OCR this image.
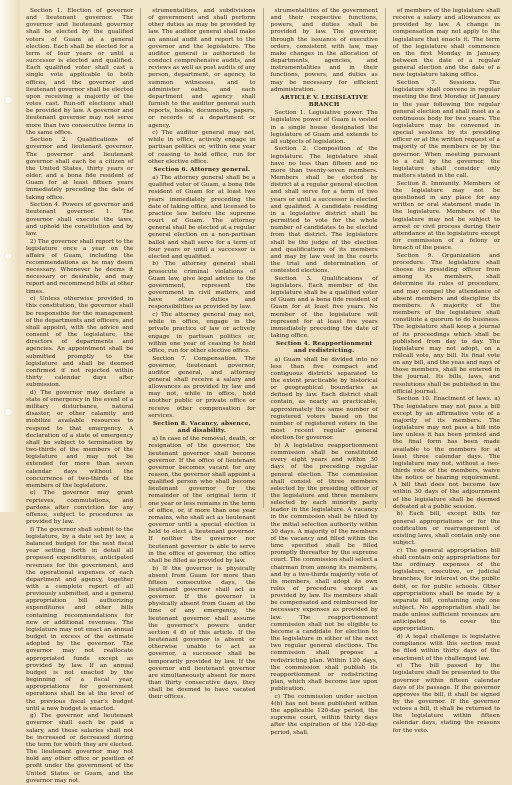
Section 1. Election of governor and lieutenant governor. The governor and lieutenant governor shall be elected by the qualified voters of Guam at a general election. Each shall be elected for a term of four years or until a successor is elected and qualified. Each qualified voter shall cast a single vote applicable to both offices, and the governor and lieutenant governor shall be elected upon receiving a majority of the votes cast. Run-off elections shall be provided by law. A governor and lieutenant governor may not serve more than two consecutive terms in the same office.

Section 2. Qualifications of governor and lieutenant governor. The governor and lieutenant governor shall each be a citizen of the United States, thirty years or older, and a bona fide resident of Guam for at least fifteen years immediately preceding the date of taking office.

Section 4. Powers of governor and lieutenant governor. 1. The governor shall execute the laws, and uphold the constitution and by law.

2) The governor shall report to the legislature once a year on the affairs of Guam, including the recommendations as he may deem necessary. Whenever he deems it necessary or desirable, and may report and recommend bills at other times.

c) Unless otherwise provided in this constitution, the governor shall be responsible for the management of the departments and officers, and shall appoint, with the advice and consent of the legislature, the directors of departments and agencies. An appointment shall be submitted promptly to the legislature and shall be deemed confirmed if not rejected within thirty calendar days after submission.

d) The governor may declare a state of emergency in the event of a military disturbance, natural disaster, or other calamity and mobilize available resources to respond to that emergency. A declaration of a state of emergency shall be subject to termination by two-thirds of the members of the legislature and may not be extended for more than seven calendar days without the concurrence of two-thirds of the members of the legislature.

e) The governor may grant reprieves, commutations, and pardons after conviction for any offense, subject to procedures as provided by law.

f) The governor shall submit to the legislature, by a date set by law, a balanced budget for the next fiscal year setting forth in detail all proposed expenditures, anticipated revenues for the government, and the operational expenses of each department and agency, together with a complete report of all previously submitted, and a general appropriation bill authorizing expenditures and other bills containing recommendations for new or additional revenues. The legislature may not enact an annual budget in excess of the estimate adopted by the governor. The governor may not reallocate appropriated funds except as provided by law. If an annual budget is not enacted by the beginning of a fiscal year, appropriations for government operations shall be at the level of the previous fiscal year's budget until a new budget is enacted.

g) The governor and lieutenant governor shall each be paid a salary, and these salaries shall not be increased or decreased during the term for which they are elected. The lieutenant governor may not hold any other office or position of profit under the government of the United States or Guam, and the governor may not.

strumentalities, and subdivisions of government and shall perform other duties as may be provided by law. The auditor general shall make an annual audit and report to the governor and the legislature. The auditor general is authorized to conduct comprehensive audits, and reviews as well as post audits of any person, department, or agency, to summon witnesses, and to administer oaths, and each department and agency shall furnish to the auditor general such reports, books, documents, papers, or records of a department or agency.

c) The auditor general may not, while in office, actively engage in partisan politics or, within one year of ceasing to hold office, run for other elective office.

Section 6. Attorney general.

a) The attorney general shall be a qualified voter of Guam, a bona fide resident of Guam for at least two years immediately preceding the date of taking office, and licensed to practice law before the supreme court of Guam. The attorney general shall be elected at a regular general election on a non-partisan ballot and shall serve for a term of four years or until a successor is elected and qualified.

b) The attorney general shall prosecute criminal violations of Guam law, give legal advice to the government, represent the government in civil matters, and have other duties and responsibilities as provided by law.

c) The attorney general may not, while in office, engage in the private practice of law or actively engage in partisan politics or, within one year of ceasing to hold office, run for other elective office.

Section 7. Compensation. The governor, lieutenant governor, auditor general, and attorney general shall receive a salary and allowances as provided by law and may not, while in office, hold another public or private office or receive other compensation for services.

Section 8. Vacancy, absence, and disability.

a) In case of the removal, death, or resignation of the governor, the lieutenant governor shall become governor. If the office of lieutenant governor becomes vacant for any reason, the governor shall appoint a qualified person who shall become lieutenant governor for the remainder of the original term if one year or less remains in the term of office, or, if more than one year remains, who shall act as lieutenant governor until a special election is held to elect a lieutenant governor. If neither the governor nor lieutenant governor is able to serve in the office of governor, the office shall be filled as provided by law.

b) If the governor is physically absent from Guam for more than fifteen consecutive days, the lieutenant governor shall act as governor. If the governor is physically absent from Guam at the time of any emergency, the lieutenant governor shall assume the governor's powers under section 4 d) of this article. If the lieutenant governor is absent or otherwise unable to act as governor, a successor shall be temporarily provided by law. If the governor and lieutenant governor are simultaneously absent for more than thirty consecutive days, they shall be deemed to have vacated their offices.

strumentalities of the government and their respective functions, powers, and duties shall be provided by law. The governor, through the issuance of executive orders, consistent with law, may make changes in the allocation of departments, agencies, and instrumentalities and in their functions, powers, and duties as may be necessary for efficient administration.

ARTICLE V. LEGISLATIVE BRANCH

Section 1. Legislative power. The legislative power of Guam is vested in a single house designated the legislature of Guam and extends to all subjects of legislation.

Section 2. Composition of the legislature. The legislature shall have no less than fifteen and no more than twenty-seven members. Members shall be elected by district at a regular general election and shall serve for a term of two years or until a successor is elected and qualified. A candidate residing in a legislative district shall be permitted to vote for the whole number of candidates to be elected from that district. The legislature shall be the judge of the election and qualifications of its members and may by law vest in the courts the trial and determination of contested elections.

Section 3. Qualifications of legislators. Each member of the legislature shall be a qualified voter of Guam and a bona fide resident of Guam for at least five years. No member of the legislature will represent for at least five years immediately preceding the date of taking office.

Section 4. Reapportionment and redistricting.

a) Guam shall be divided into no less than five compact and contiguous districts separated to the extent practicable by historical or geographical boundaries as defined by law. Each district shall contain, as nearly as practicable, approximately the same number of registered voters based on the number of registered voters in the most recent regular general election for governor.

b) A legislative reapportionment commission shall be constituted every eight years and within 30 days of the preceding regular general election. The commission shall consist of three members selected by the presiding officer of the legislature and three members selected by each minority party leader in the legislature. A vacancy in the commission shall be filled by the initial selection authority within 30 days. A majority of the members of the vacancy and filled within the time specified shall be filled promptly thereafter by the supreme court. The commission shall select a chairman from among its members, and by a two-thirds majority vote of its members, shall adopt its own rules of procedure except as provided by law. Its members shall be compensated and reimbursed for necessary expenses as provided by law. The reapportionment commission shall not be eligible to become a candidate for election to the legislature in either of the next two regular general elections. The commission shall propose a redistricting plan. Within 120 days, the commission shall publish its reapportionment or redistricting plan, which shall become law upon publication.

c) The commission under section 4(b) has not been published within the applicable 120-day period, the supreme court, within thirty days after the expiration of the 120-day period, shall.

of members of the legislature shall receive a salary and allowances as provided by law. A change in compensation may not apply to the legislature that enacts it. The term of the legislature shall commence on the first Monday in January between the date of a regular general election and the date of a new legislature taking office.

Section 7. Sessions. The legislature shall convene in regular meeting the first Monday of January in the year following the regular general election and shall meet as a continuous body for two years. The legislature may be convened in special sessions by its presiding officer or at the written request of a majority of the members or by the governor. When meeting pursuant to a call by the governor, the legislature shall consider only matters stated in the call.

Section 8. Immunity. Members of the legislature may not be questioned in any place for any written or oral statement made in the legislature. Members of the legislature may not be subject to arrest or civil process during their attendance at the legislature except for commission of a felony or breach of the peace.

Section 9. Organization and procedure. The legislature shall choose its presiding officer from among its members, shall determine its rules of procedure, and may compel the attendance of absent members and discipline its members. A majority of the members of the legislature shall constitute a quorum to do business. The legislature shall keep a journal of its proceedings which shall be published from day to day. The legislature may not adopt, on a rollcall vote, any bill. Its final vote on any bill, and the yeas and nays of those members, shall be entered in the journal. Its bills, laws, and resolutions shall be published in the official journal.

Section 10. Enactment of laws. a) The legislature may not pass a bill except by an affirmative vote of a majority of its members. The legislature may not pass a bill into law unless it has been printed and the final form has been made available to the members for at least three calendar days. The legislature may not, without a two-thirds vote of the members, waive the notice or hearing requirement. A bill that does not become law within 30 days of the adjournment of the legislature shall be deemed defeated at a public session.

b) Each bill, except bills for general appropriations or for the codification or rearrangement of existing laws, shall contain only one subject.

c) The general appropriation bill shall contain only appropriations for the ordinary expenses of the legislature, executive, or judicial branches, for interest on the public debt, or for public schools. Other appropriations shall be made by a separate bill, containing only one subject. No appropriation shall be made unless sufficient revenues are anticipated to cover the appropriation.

d) A legal challenge is legislative compliance with this section must be filed within thirty days of the enactment of the challenged law.

e) The bill passed by the legislature shall be presented to the governor within fifteen calendar days of its passage. If the governor approves the bill, it shall be signed by the governor. If the governor vetoes a bill, it shall be returned to the legislature within fifteen calendar days, stating the reasons for the veto.
